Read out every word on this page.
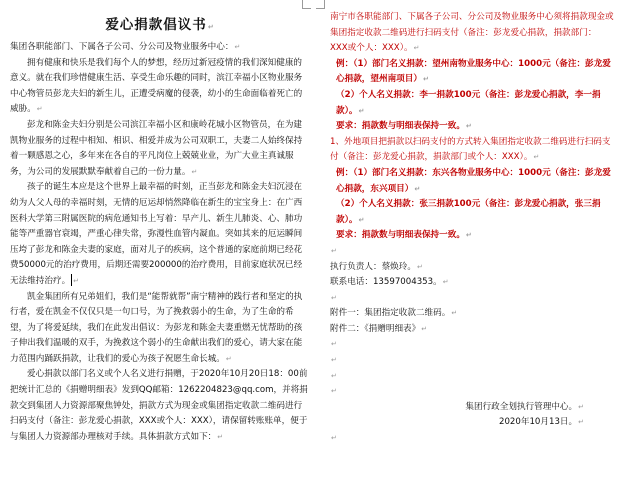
爱心捐款倡议书↵

集团各职能部门、下属各子公司、分公司及物业服务中心：↵

拥有健康和快乐是我们每个人的梦想，经历过新冠疫情的我们深知健康的意义。就在我们珍惜健康生活、享受生命乐趣的同时，滨江幸福小区物业服务中心物管员彭龙夫妇的新生儿，正遭受病魔的侵袭，幼小的生命面临着死亡的威胁。↵

彭龙和陈金夫妇分别是公司滨江幸福小区和康岭花城小区物管员，在为建凯物业服务的过程中相知、相识、相爱并成为公司双职工，夫妻二人始终保持着一颗感恩之心，多年来在各自的平凡岗位上兢兢业业，为广大业主真诚服务，为公司的发展默默奉献着自己的一份力量。↵

孩子的诞生本应是这个世界上最幸福的时刻，正当彭龙和陈金夫妇沉浸在幼为人父人母的幸福时刻，无情的厄运却悄然降临在新生的宝宝身上：在广西医科大学第三附属医院的病危通知书上写着：早产儿、新生儿肺炎、心、肺功能等严重器官衰竭，严重心律失常，弥漫性血管内凝血。突如其来的厄运瞬间压垮了彭龙和陈金夫妻的家庭，面对儿子的疾病，这个普通的家庭前期已经花费50000元的治疗费用，后期还需要200000的治疗费用，目前家庭状况已经无法维持治疗。 ↵

凯金集团所有兄弟姐们，我们是“能帮就帮”南宁精神的践行者和坚定的执行者，爱在凯金不仅仅只是一句口号，为了挽救弱小的生命，为了生命的希望，为了将爱延续，我们在此发出倡议：为彭龙和陈金夫妻重燃无忧帮助的孩子伸出我们温暖的双手，为挽救这个弱小的生命献出我们的爱心，请大家在能力范围内踊跃捐款，让我们的爱心为孩子祝愿生命长城。↵

爱心捐款以部门名义或个人名义进行捐赠，于2020年10月20日18：00前把统计汇总的《捐赠明细表》发到QQ邮箱：1262204823@qq.com，并将捐款交到集团人力资源部聚焦钟处，捐款方式为现金或集团指定收款二维码进行扫码支付（备注：彭龙爱心捐款，XXX或个人：XXX），请保留转账账单，便于与集团人力资源部办理核对手续。具体捐款方式如下：↵

南宁市各职能部门、下属各子公司、分公司及物业服务中心须将捐款现金或集团指定收款二维码进行扫码支付（备注：彭龙爱心捐款，捐款部门：XXX或个人：XXX）。↵

例：（1）部门名义捐款：望州南物业服务中心：1000元（备注：彭龙爱心捐款，望州南项目）↵

（2）个人名义捐款：李一捐款100元（备注：彭龙爱心捐款，李一捐款）。↵

要求：捐款数与明细表保持一致。↵

1、外地项目把捐款以扫码支付的方式转入集团指定收款二维码进行扫码支付（备注：彭龙爱心捐款，捐款部门或个人：XXX）。↵

例：（1）部门名义捐款：东兴各物业服务中心：1000元（备注：彭龙爱心捐款，东兴项目）↵

（2）个人名义捐款：张三捐款100元（备注：彭龙爱心捐款，张三捐款）。↵

要求：捐款数与明细表保持一致。↵

↵

执行负责人：蔡焕玲。↵

联系电话：13597004353。↵

↵

附件一：集团指定收款二维码。↵

附件二：《捐赠明细表》↵

↵

↵

↵

↵

集团行政全划执行管理中心。↵

2020年10月13日。↵

↵
